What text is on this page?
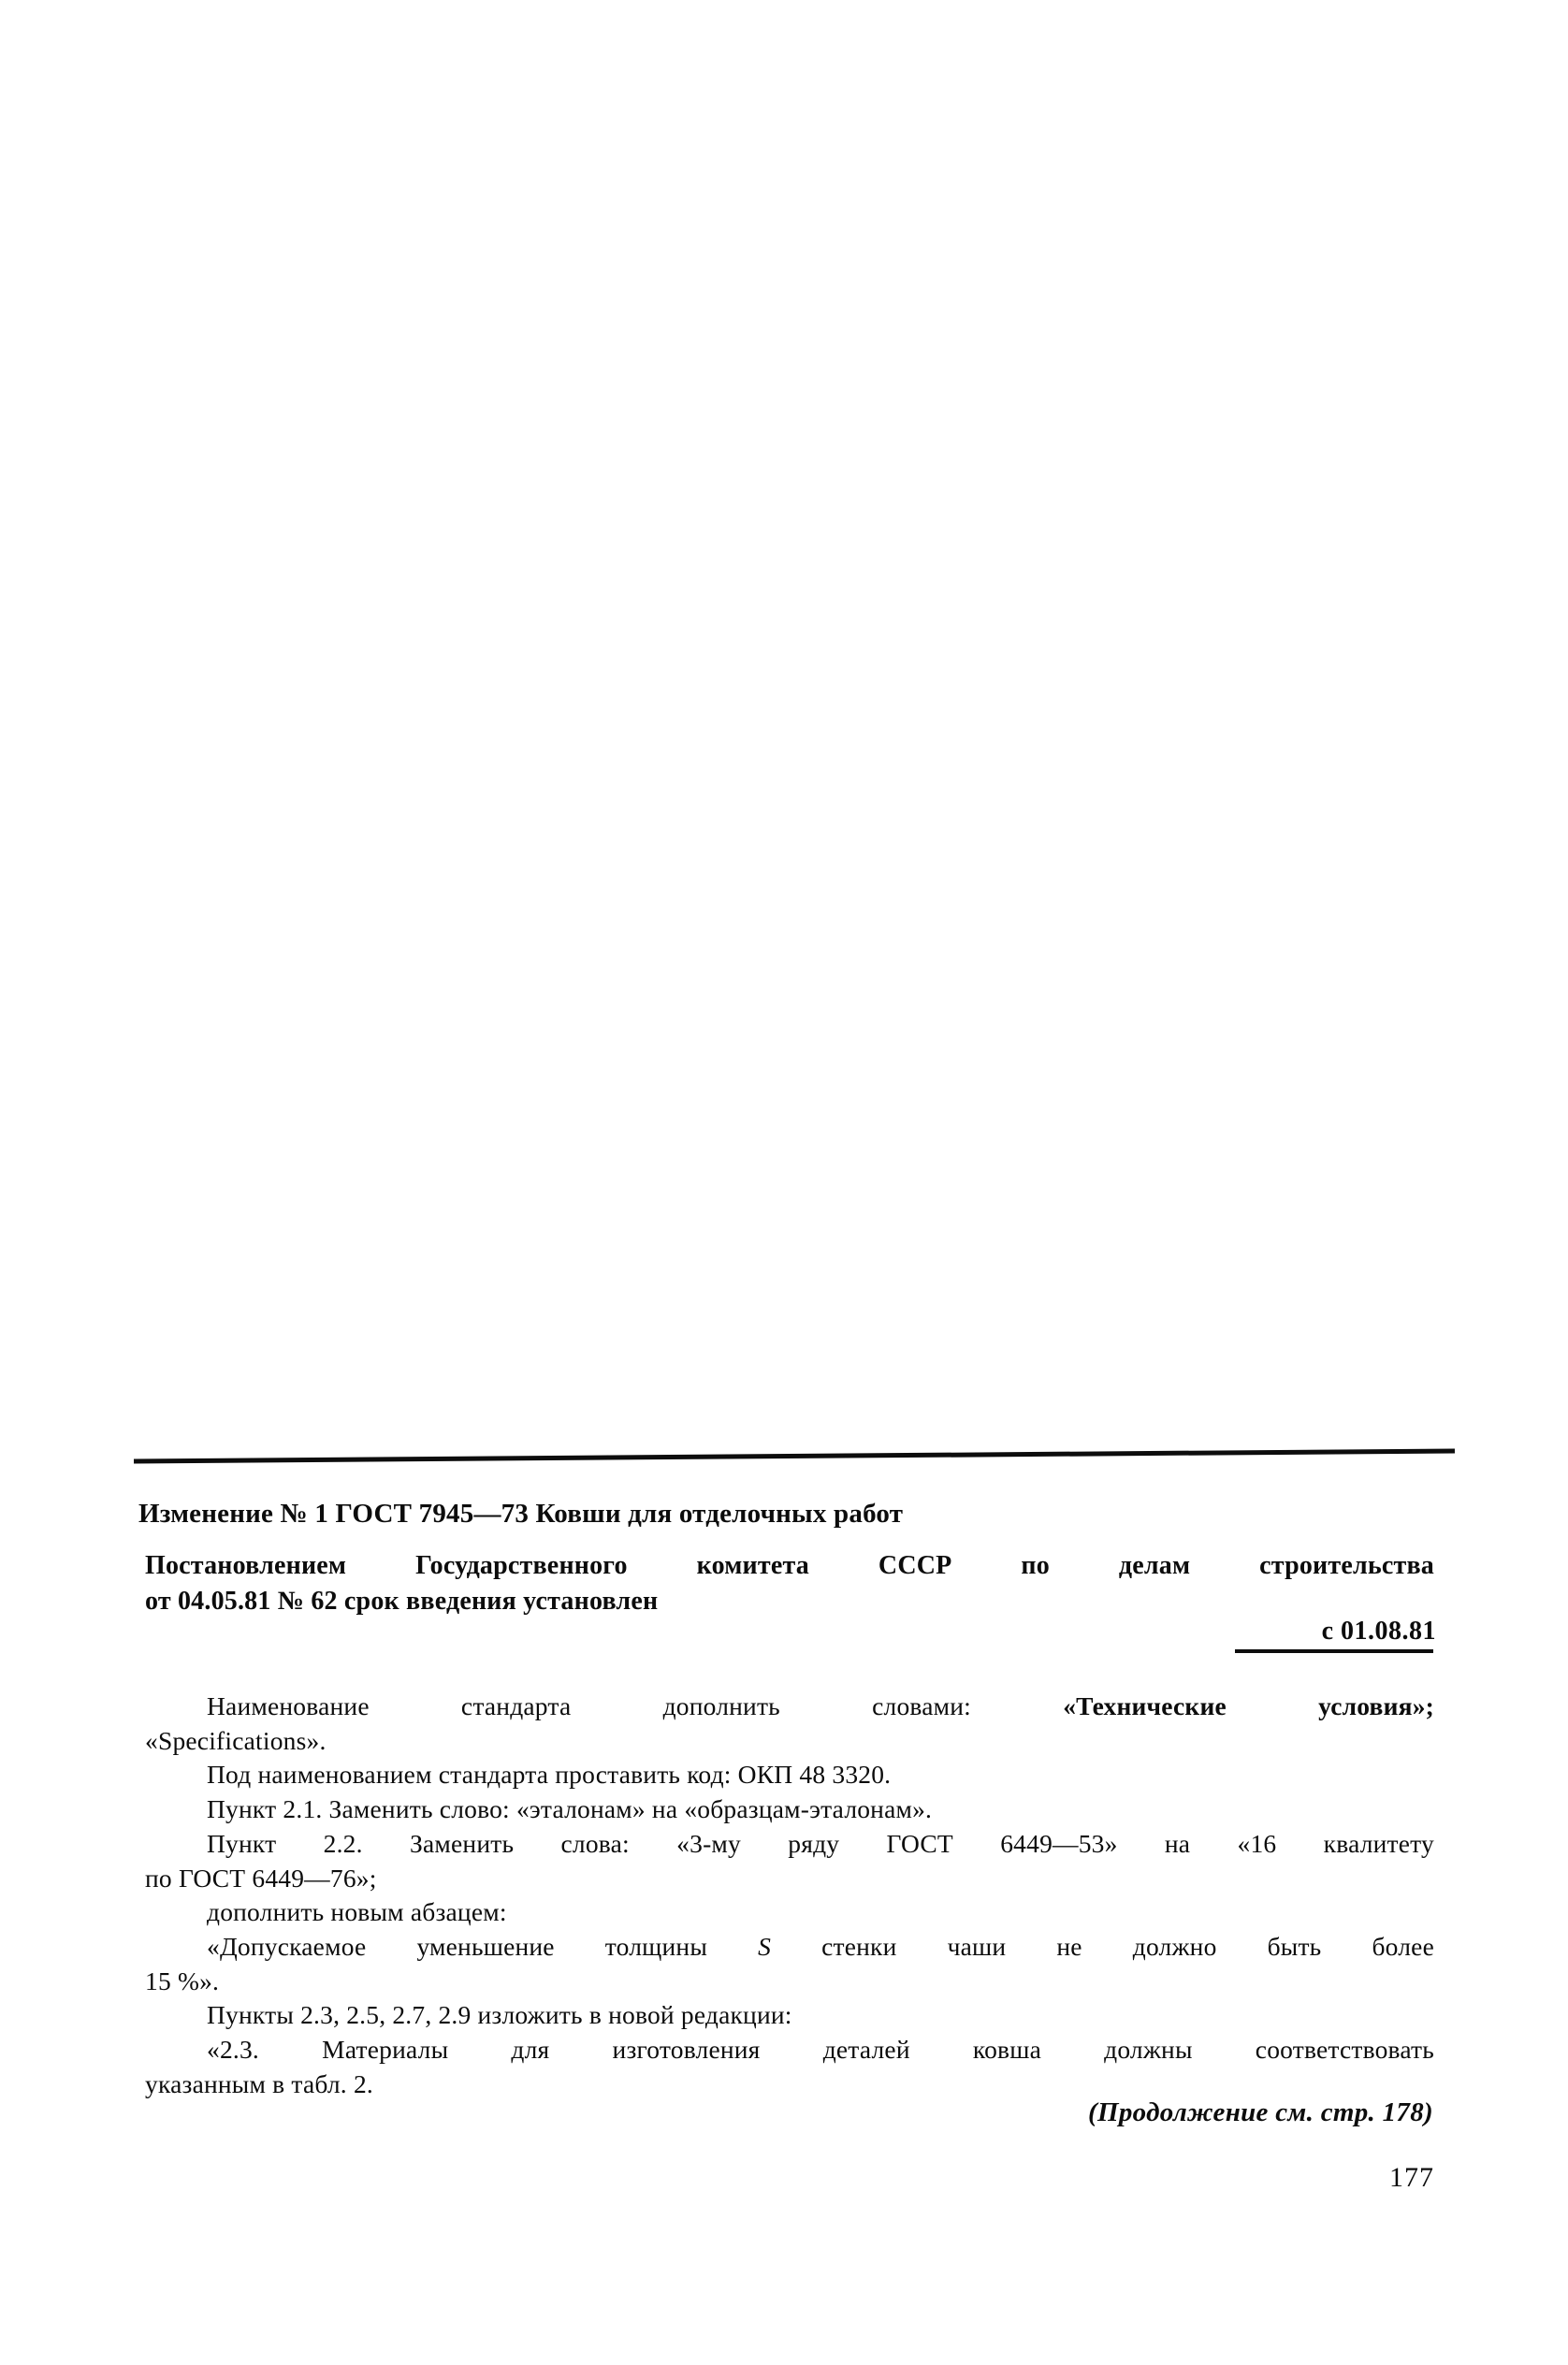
Изменение № 1 ГОСТ 7945—73 Ковши для отделочных работ

Постановлением Государственного комитета СССР по делам строительства
от 04.05.81 № 62 срок введения установлен

с 01.08.81
Наименование стандарта дополнить словами: «Технические условия»;
«Specifications».
Под наименованием стандарта проставить код: ОКП 48 3320.
Пункт 2.1. Заменить слово: «эталонам» на «образцам-эталонам».
Пункт 2.2. Заменить слова: «3-му ряду ГОСТ 6449—53» на «16 квалитету
по ГОСТ 6449—76»;
дополнить новым абзацем:
«Допускаемое уменьшение толщины S стенки чаши не должно быть более
15 %».
Пункты 2.3, 2.5, 2.7, 2.9 изложить в новой редакции:
«2.3. Материалы для изготовления деталей ковша должны соответствовать
указанным в табл. 2.
(Продолжение см. стр. 178)
177
